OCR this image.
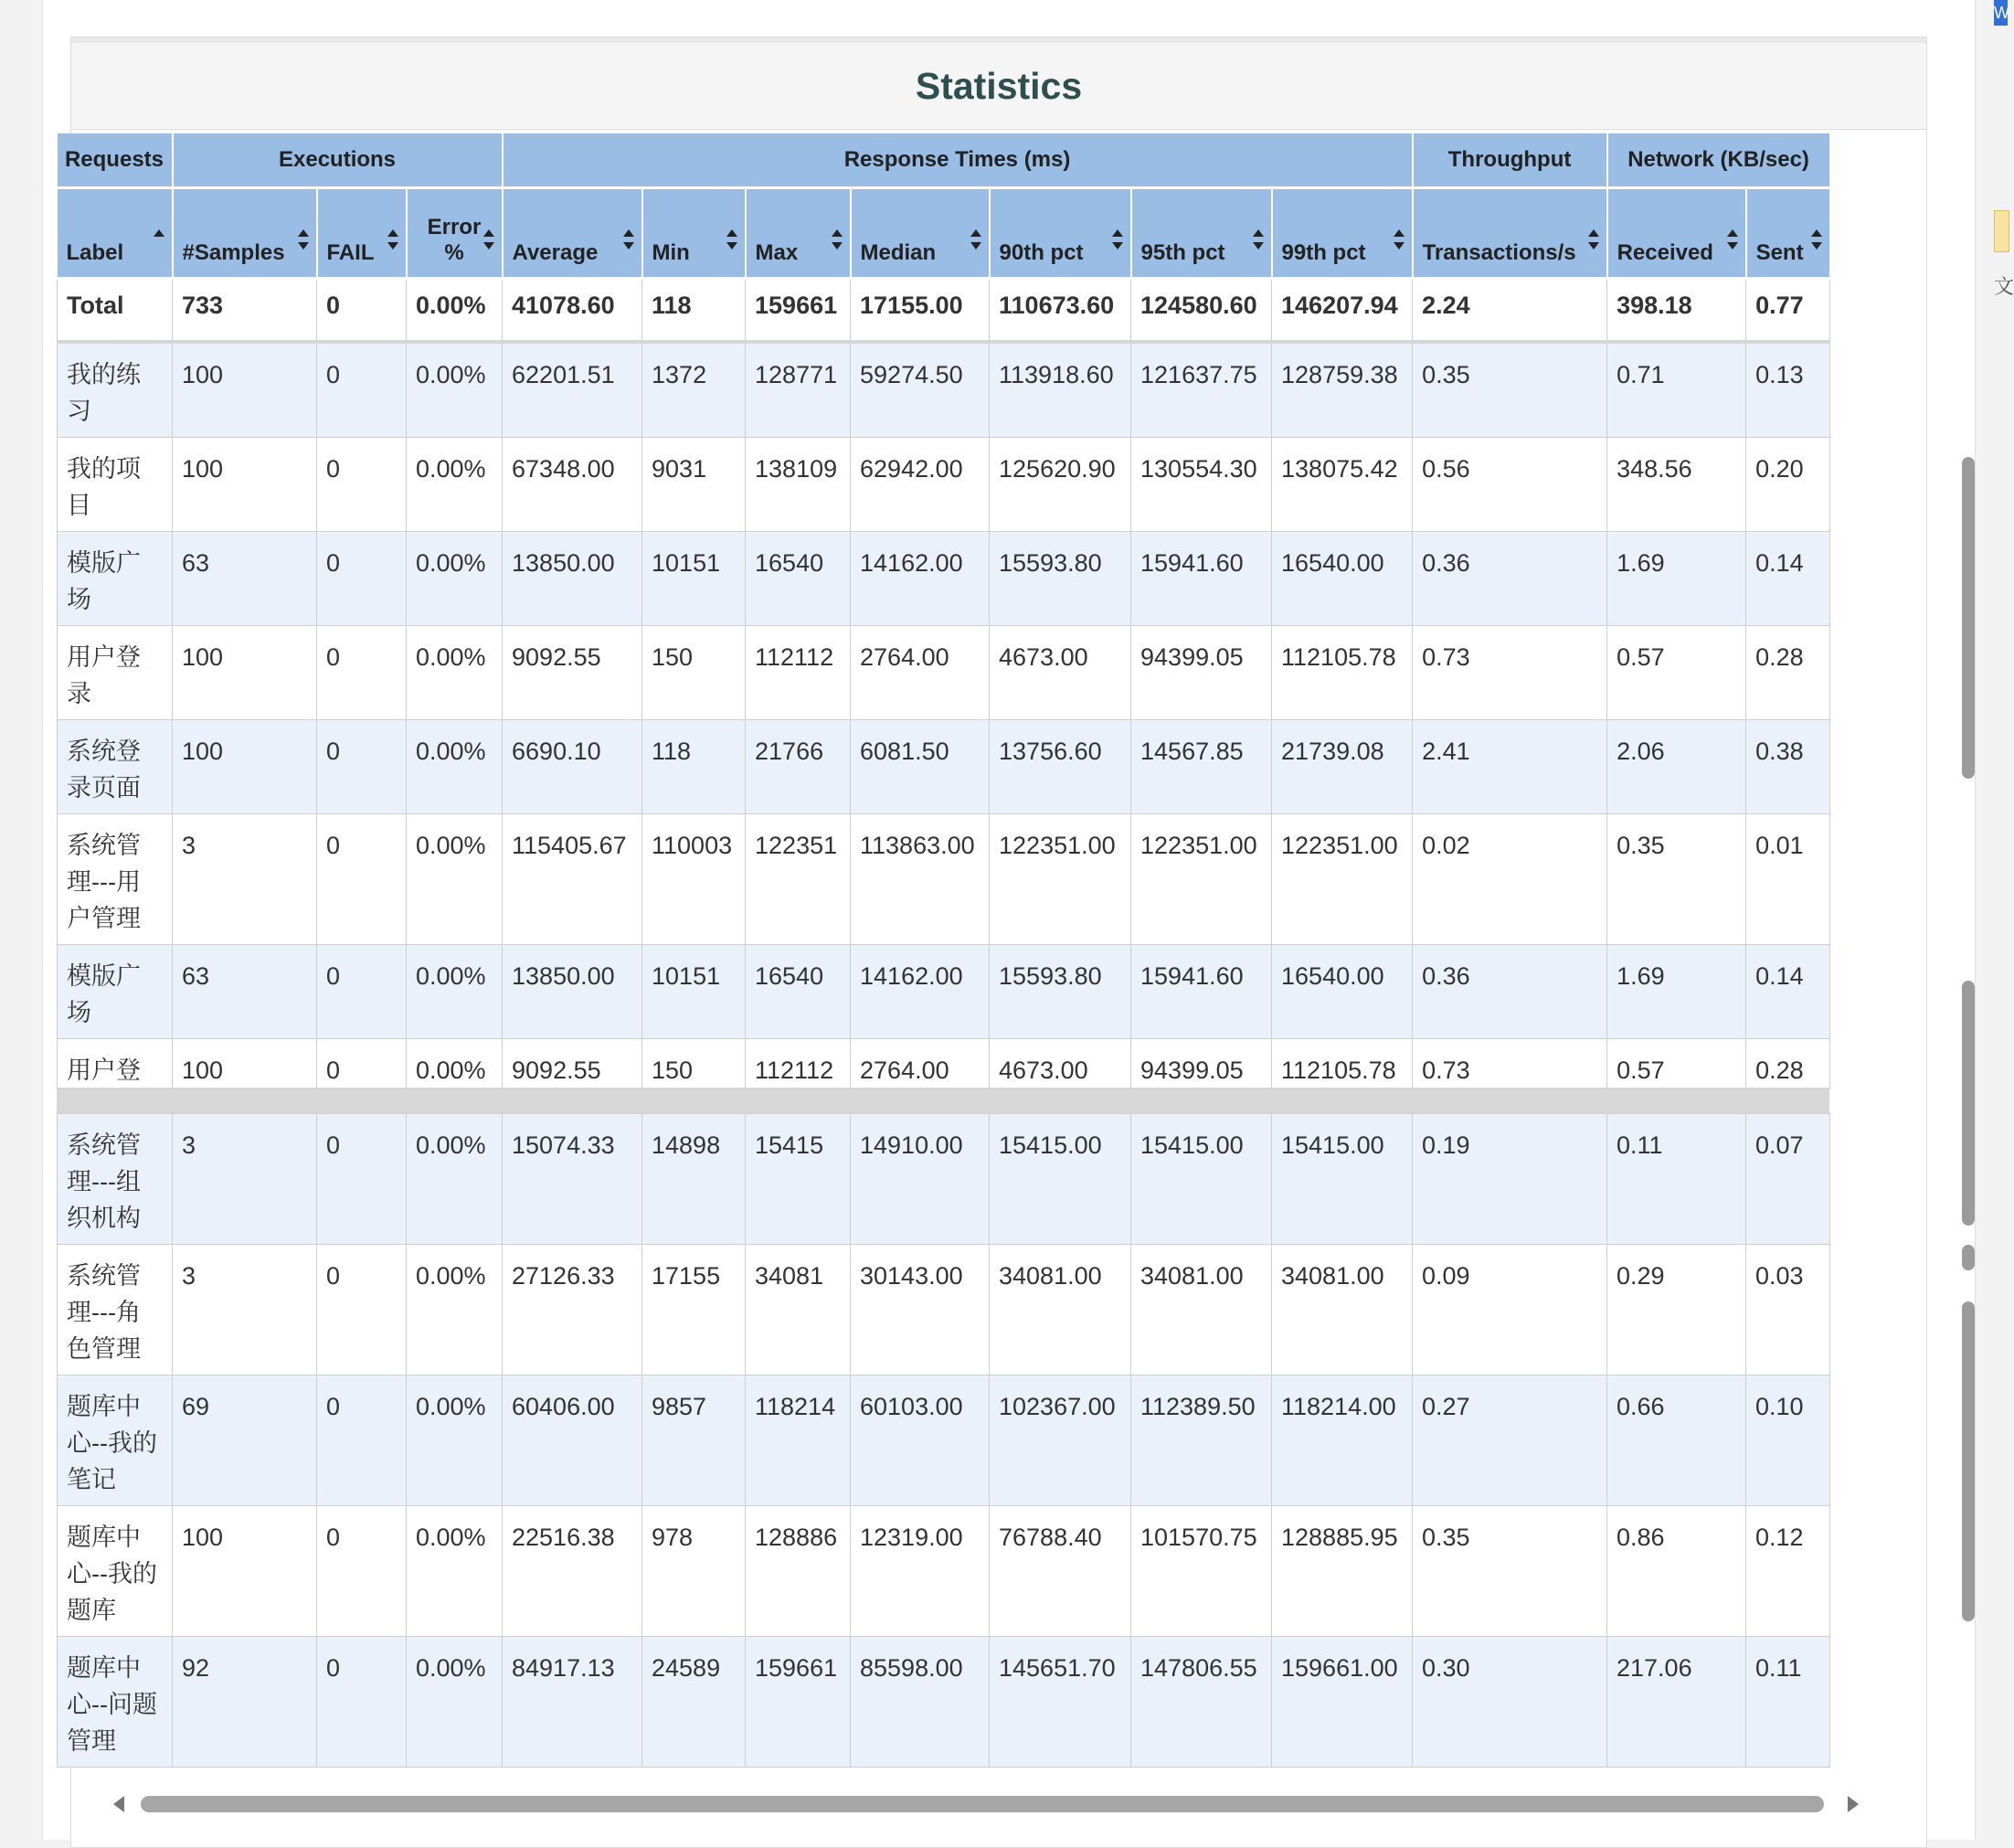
Statistics
Requests	Executions			Response Times (ms)							Throughput	Network (KB/sec)	
Label	#Samples	FAIL	Error %	Average	Min	Max	Median	90th pct	95th pct	99th pct	Transactions/s	Received	Sent

Total	733	0	0.00%	41078.60	118	159661	17155.00	110673.60	124580.60	146207.94	2.24	398.18	0.77
我的练习	100	0	0.00%	62201.51	1372	128771	59274.50	113918.60	121637.75	128759.38	0.35	0.71	0.13
我的项目	100	0	0.00%	67348.00	9031	138109	62942.00	125620.90	130554.30	138075.42	0.56	348.56	0.20
模版广场	63	0	0.00%	13850.00	10151	16540	14162.00	15593.80	15941.60	16540.00	0.36	1.69	0.14
用户登录	100	0	0.00%	9092.55	150	112112	2764.00	4673.00	94399.05	112105.78	0.73	0.57	0.28
系统登录页面	100	0	0.00%	6690.10	118	21766	6081.50	13756.60	14567.85	21739.08	2.41	2.06	0.38
系统管理---用户管理	3	0	0.00%	115405.67	110003	122351	113863.00	122351.00	122351.00	122351.00	0.02	0.35	0.01
模版广场	63	0	0.00%	13850.00	10151	16540	14162.00	15593.80	15941.60	16540.00	0.36	1.69	0.14
用户登	100	0	0.00%	9092.55	150	112112	2764.00	4673.00	94399.05	112105.78	0.73	0.57	0.28
系统管理---组织机构	3	0	0.00%	15074.33	14898	15415	14910.00	15415.00	15415.00	15415.00	0.19	0.11	0.07
系统管理---角色管理	3	0	0.00%	27126.33	17155	34081	30143.00	34081.00	34081.00	34081.00	0.09	0.29	0.03
题库中心--我的笔记	69	0	0.00%	60406.00	9857	118214	60103.00	102367.00	112389.50	118214.00	0.27	0.66	0.10
题库中心--我的题库	100	0	0.00%	22516.38	978	128886	12319.00	76788.40	101570.75	128885.95	0.35	0.86	0.12
题库中心--问题管理	92	0	0.00%	84917.13	24589	159661	85598.00	145651.70	147806.55	159661.00	0.30	217.06	0.11
W
文
